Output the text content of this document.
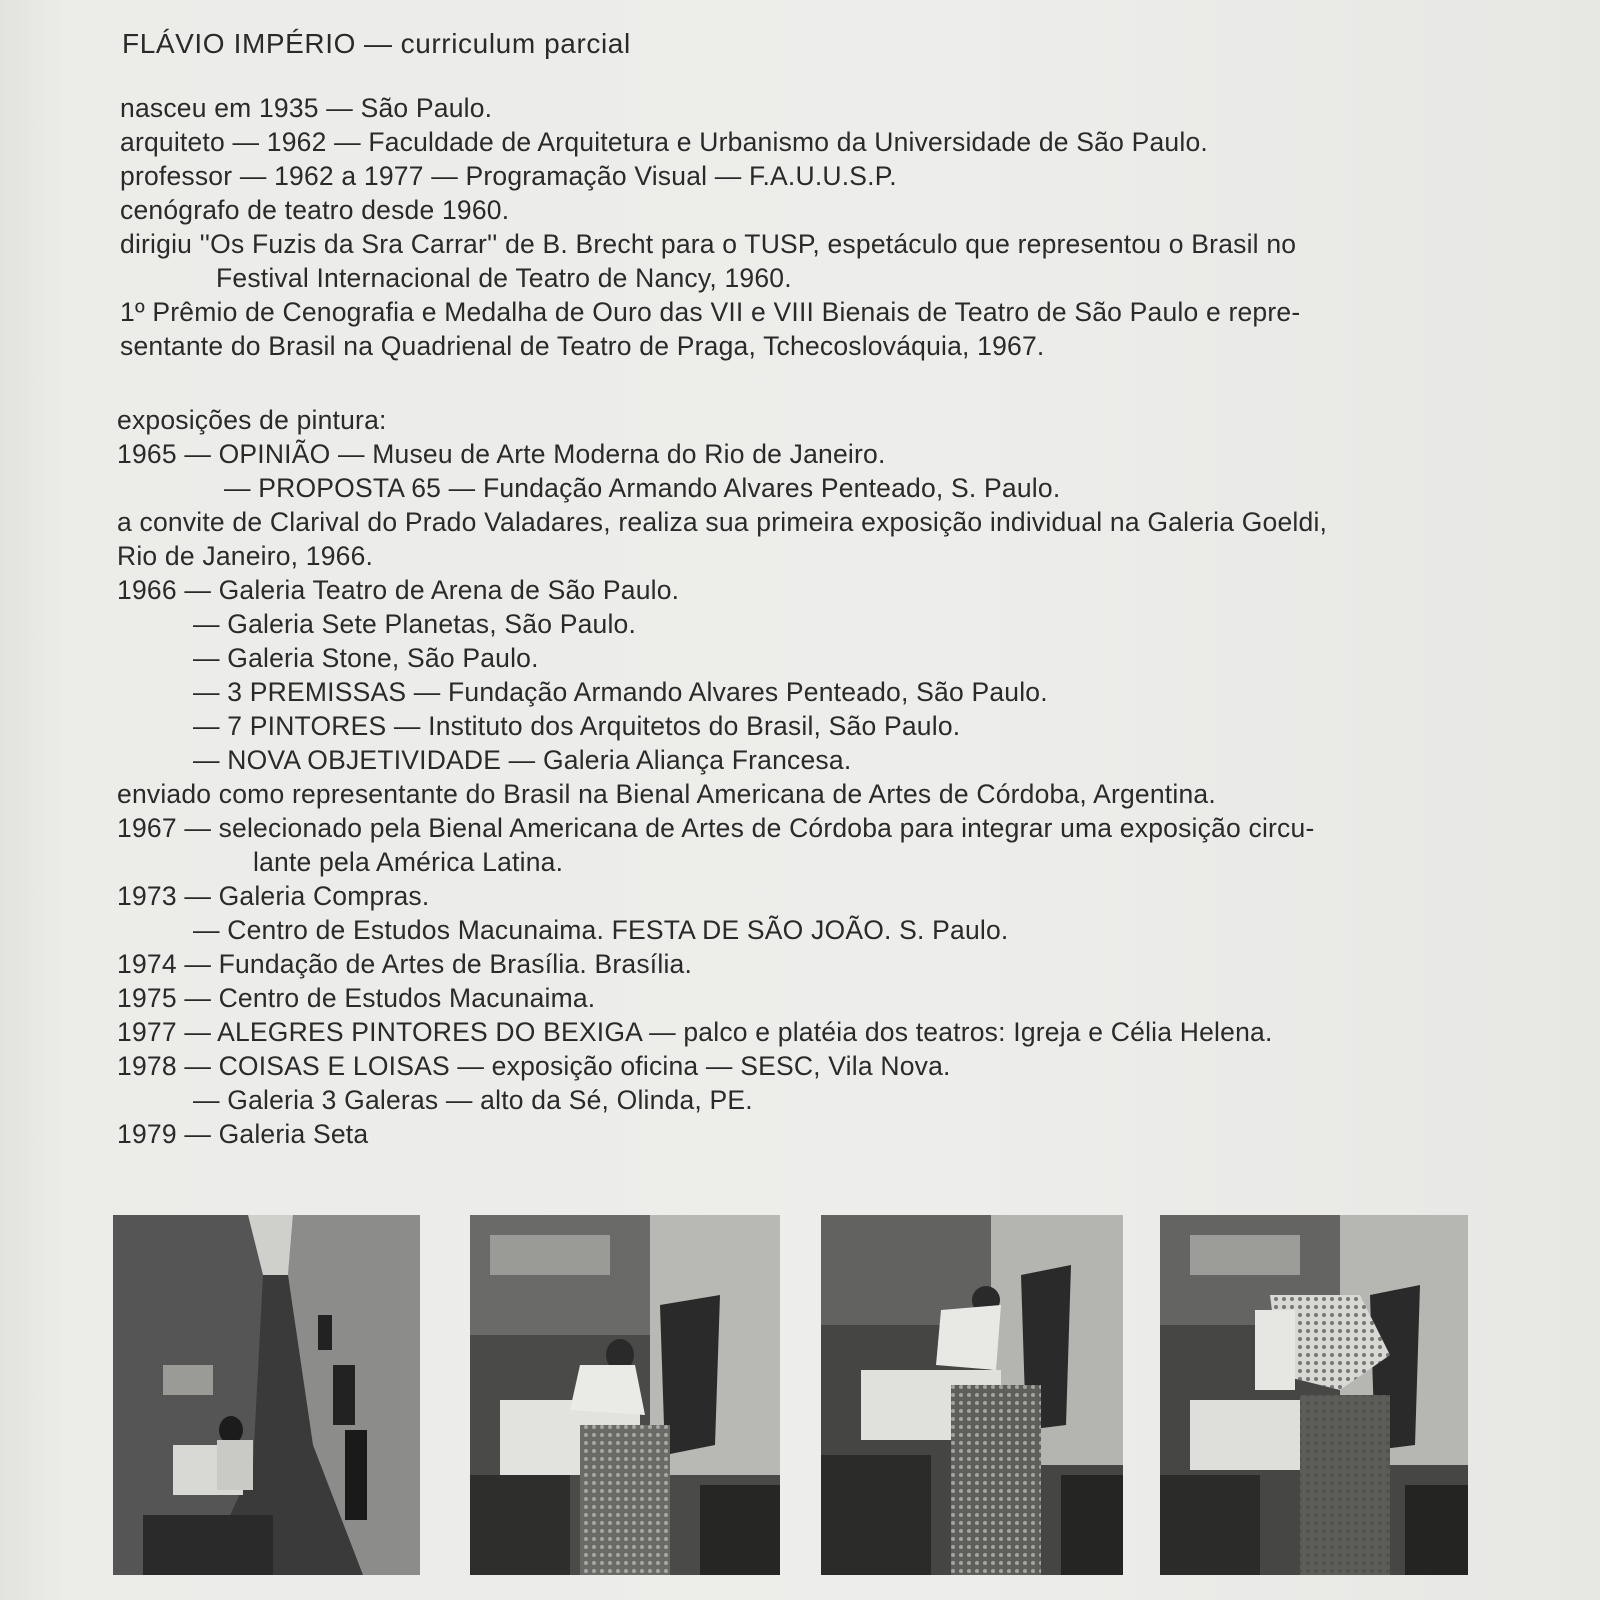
FLÁVIO IMPÉRIO — curriculum parcial
nasceu em 1935 — São Paulo.
arquiteto — 1962 — Faculdade de Arquitetura e Urbanismo da Universidade de São Paulo.
professor — 1962 a 1977 — Programação Visual — F.A.U.U.S.P.
cenógrafo de teatro desde 1960.
dirigiu ''Os Fuzis da Sra Carrar'' de B. Brecht para o TUSP, espetáculo que representou o Brasil no
Festival Internacional de Teatro de Nancy, 1960.
1º Prêmio de Cenografia e Medalha de Ouro das VII e VIII Bienais de Teatro de São Paulo e repre-
sentante do Brasil na Quadrienal de Teatro de Praga, Tchecoslováquia, 1967.
exposições de pintura:
1965 — OPINIÃO — Museu de Arte Moderna do Rio de Janeiro.
— PROPOSTA 65 — Fundação Armando Alvares Penteado, S. Paulo.
a convite de Clarival do Prado Valadares, realiza sua primeira exposição individual na Galeria Goeldi,
Rio de Janeiro, 1966.
1966 — Galeria Teatro de Arena de São Paulo.
— Galeria Sete Planetas, São Paulo.
— Galeria Stone, São Paulo.
— 3 PREMISSAS — Fundação Armando Alvares Penteado, São Paulo.
— 7 PINTORES — Instituto dos Arquitetos do Brasil, São Paulo.
— NOVA OBJETIVIDADE — Galeria Aliança Francesa.
enviado como representante do Brasil na Bienal Americana de Artes de Córdoba, Argentina.
1967 — selecionado pela Bienal Americana de Artes de Córdoba para integrar uma exposição circu-
lante pela América Latina.
1973 — Galeria Compras.
— Centro de Estudos Macunaima. FESTA DE SÃO JOÃO. S. Paulo.
1974 — Fundação de Artes de Brasília. Brasília.
1975 — Centro de Estudos Macunaima.
1977 — ALEGRES PINTORES DO BEXIGA — palco e platéia dos teatros: Igreja e Célia Helena.
1978 — COISAS E LOISAS — exposição oficina — SESC, Vila Nova.
— Galeria 3 Galeras — alto da Sé, Olinda, PE.
1979 — Galeria Seta
